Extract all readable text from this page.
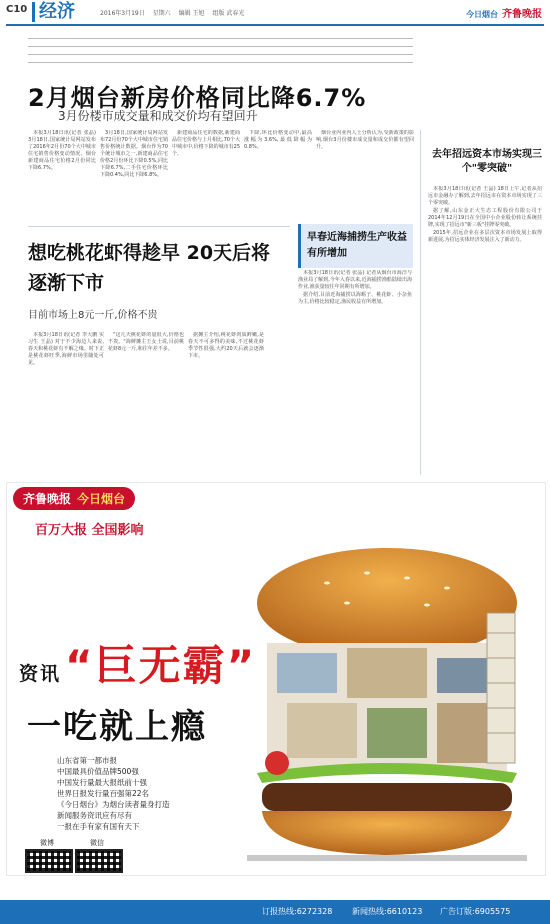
C10 经济	2016年3月19日 星期六 编辑 王旭 组版 武春光	今日烟台 齐鲁晚报
2月烟台新房价格同比降6.7%
3月份楼市成交量和成交价均有望回升

本报3月18日讯(记者 张晶) 3月18日,国家统计局网站发布了2016年2月份70个大中城市住宅销售价格变动情况。烟台新建商品住宅价格2月份同比下降6.7%。

3月18日,国家统计局网站发布72月份70个大中城市住宅销售价格统计数据。烟台作为70个统计城市之一,新建商品住宅价格2月份环比下降0.5%,同比下降6.7%,二手住宅价格环比下降0.4%,同比下降6.8%。

新建商品住宅的数据,新建商品住宅价格与上月相比,70个大中城市中,价格下降的城市有25个。

下降,环比价格变动中,最高涨幅为3.6%,最低降幅为0.8%。

烟台业内业内人士分析认为,受新政策的影响,烟台3月份楼市成交量和成交价都有望回升。

去年招远资本市场实现三个"零突破"

本报3月18日讯(记者 王晶) 18日上午,记者从招远市金融办了解到,去年招远市在资本市场实现了三个零突破。

据了解,山东金正大生态工程股份有限公司于2014年12月19日在全国中小企业股份转让系统挂牌,实现了招远市"新三板"挂牌零突破。

2015年,招远企业在多层次资本市场发展上取得新进展,为招远实体经济发展注入了新动力。

想吃桃花虾得趁早 20天后将逐渐下市
目前市场上8元一斤,价格不贵

本报3月18日讯(记者 李大鹏 实习生 王晶) 对于不少海边人来说,春天和桃花虾有不解之缘。时下正是桃花虾旺季,海鲜市场里随处可见。

"这几天桃花虾的量很大,价格也不贵。"海鲜摊主王女士说,目前桃花虾8元一斤,和往年差不多。

据摊主介绍,桃花虾肉质鲜嫩,是春天不可多得的美味,不过桃花虾季节性很强,大约20天后就会逐渐下市。

早春近海捕捞生产收益有所增加

本报3月18日讯(记者 张晶) 记者从烟台市海洋与渔业局了解到,今年入春以来,近海捕捞渔船陆续出海作业,渔获量较往年同期有所增加。

据介绍,目前近海捕捞以海蛎子、桃花虾、小杂鱼为主,价格比较稳定,渔民收益有所增加。

齐鲁晚报 今日烟台
百万大报 全国影响
资讯“巨无霸”
一吃就上瘾
山东省第一都市报
中国最具价值品牌500强
中国发行量最大报纸前十强
世界日报发行量百强第22名
《今日烟台》为烟台读者量身打造
新闻服务资讯应有尽有
一报在手有家有国有天下
微博	微信
订报热线:6272328 新闻热线:6610123 广告订版:6905575
